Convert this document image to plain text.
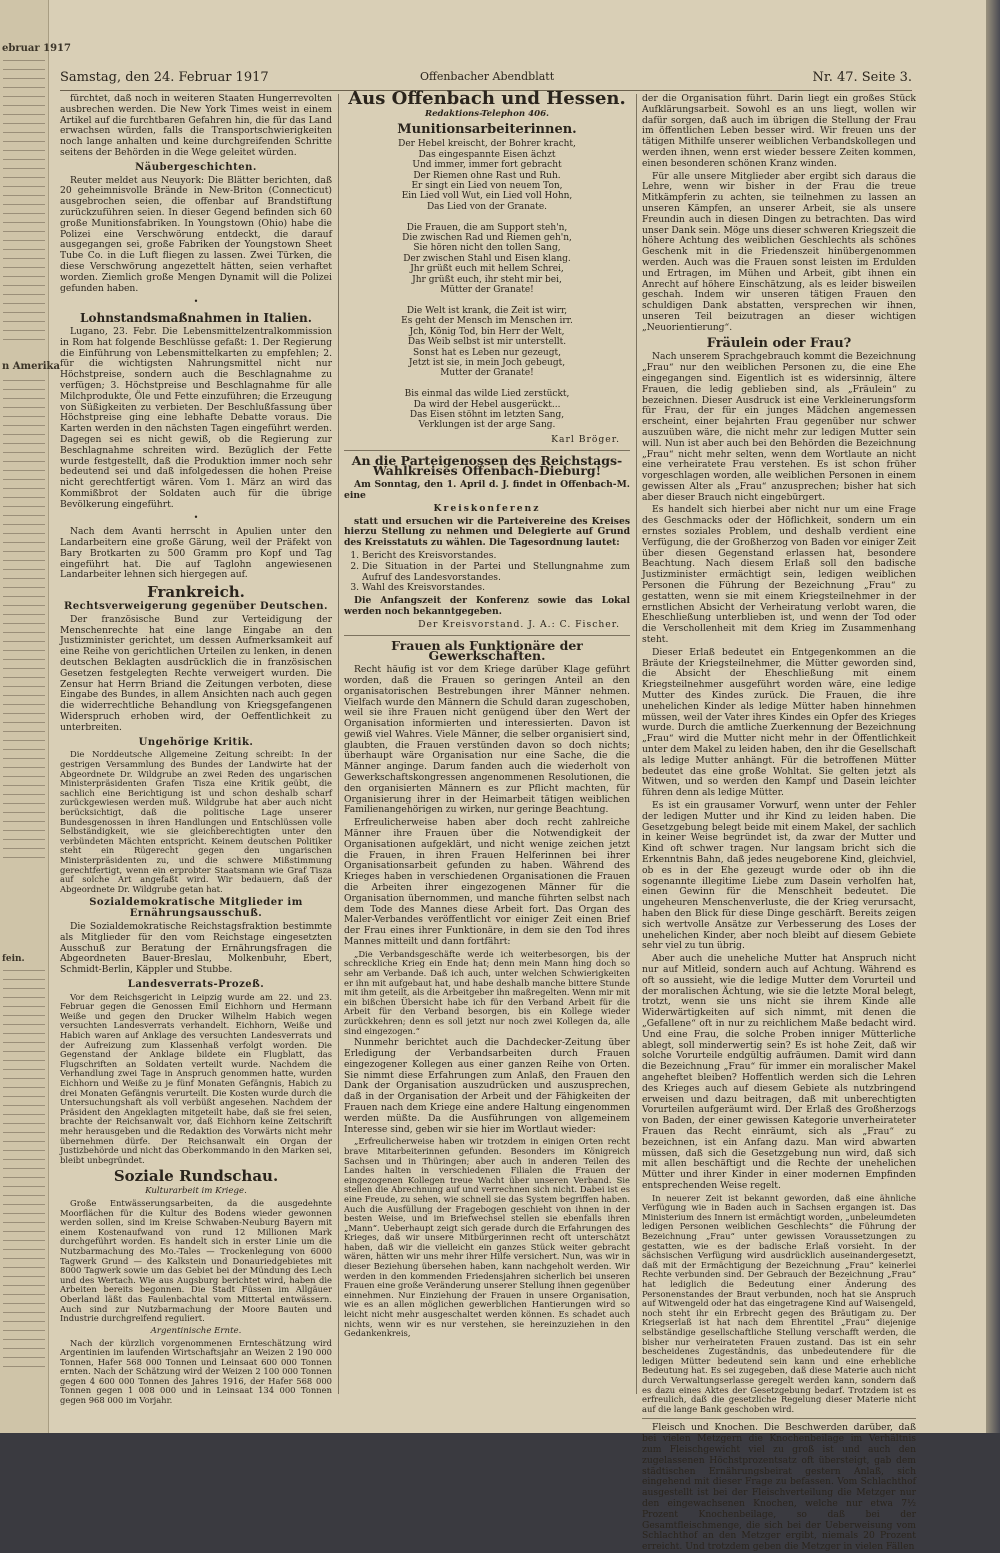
ebruar 1917
n Amerika
fein.
Samstag, den 24. Februar 1917	Offenbacher Abendblatt	Nr. 47. Seite 3.

fürchtet, daß noch in weiteren Staaten Hungerrevolten ausbrechen werden. Die New York Times weist in einem Artikel auf die furchtbaren Gefahren hin, die für das Land erwachsen würden, falls die Transportschwierigkeiten noch lange anhalten und keine durchgreifenden Schritte seitens der Behörden in die Wege geleitet würden.

Näubergeschichten.

Reuter meldet aus Neuyork: Die Blätter berichten, daß 20 geheimnisvolle Brände in New-Briton (Connecticut) ausgebrochen seien, die offenbar auf Brandstiftung zurückzuführen seien. In dieser Gegend befinden sich 60 große Munitionsfabriken. In Youngstown (Ohio) habe die Polizei eine Verschwörung entdeckt, die darauf ausgegangen sei, große Fabriken der Youngstown Sheet Tube Co. in die Luft fliegen zu lassen. Zwei Türken, die diese Verschwörung angezettelt hätten, seien verhaftet worden. Ziemlich große Mengen Dynamit will die Polizei gefunden haben.

•
Lohnstandsmaßnahmen in Italien.

Lugano, 23. Febr. Die Lebensmittelzentralkommission in Rom hat folgende Beschlüsse gefaßt: 1. Der Regierung die Einführung von Lebensmittelkarten zu empfehlen; 2. für die wichtigsten Nahrungsmittel nicht nur Höchstpreise, sondern auch die Beschlagnahme zu verfügen; 3. Höchstpreise und Beschlagnahme für alle Milchprodukte, Öle und Fette einzuführen; die Erzeugung von Süßigkeiten zu verbieten. Der Beschlußfassung über Höchstpreise ging eine lebhafte Debatte voraus. Die Karten werden in den nächsten Tagen eingeführt werden. Dagegen sei es nicht gewiß, ob die Regierung zur Beschlagnahme schreiten wird. Bezüglich der Fette wurde festgestellt, daß die Produktion immer noch sehr bedeutend sei und daß infolgedessen die hohen Preise nicht gerechtfertigt wären. Vom 1. März an wird das Kommißbrot der Soldaten auch für die übrige Bevölkerung eingeführt.

•

Nach dem Avanti herrscht in Apulien unter den Landarbeitern eine große Gärung, weil der Präfekt von Bary Brotkarten zu 500 Gramm pro Kopf und Tag eingeführt hat. Die auf Taglohn angewiesenen Landarbeiter lehnen sich hiergegen auf.

Frankreich.
Rechtsverweigerung gegenüber Deutschen.

Der französische Bund zur Verteidigung der Menschenrechte hat eine lange Eingabe an den Justizminister gerichtet, um dessen Aufmerksamkeit auf eine Reihe von gerichtlichen Urteilen zu lenken, in denen deutschen Beklagten ausdrücklich die in französischen Gesetzen festgelegten Rechte verweigert wurden. Die Zensur hat Herrn Briand die Zeitungen verboten, diese Eingabe des Bundes, in allem Ansichten nach auch gegen die widerrechtliche Behandlung von Kriegsgefangenen Widerspruch erhoben wird, der Oeffentlichkeit zu unterbreiten.

Ungehörige Kritik.

Die Norddeutsche Allgemeine Zeitung schreibt: In der gestrigen Versammlung des Bundes der Landwirte hat der Abgeordnete Dr. Wildgrube an zwei Reden des ungarischen Ministerpräsidenten Grafen Tisza eine Kritik geübt, die sachlich eine Berichtigung ist und schon deshalb scharf zurückgewiesen werden muß. Wildgrube hat aber auch nicht berücksichtigt, daß die politische Lage unserer Bundesgenossen in ihren Handlungen und Entschlüssen volle Selbständigkeit, wie sie gleichberechtigten unter den verbündeten Mächten entspricht. Keinem deutschen Politiker steht ein Rügerecht gegen den ungarischen Ministerpräsidenten zu, und die schwere Mißstimmung gerechtfertigt, wenn ein erprobter Staatsmann wie Graf Tisza auf solche Art angefaßt wird. Wir bedauern, daß der Abgeordnete Dr. Wildgrube getan hat.

Sozialdemokratische Mitglieder im Ernährungsausschuß.

Die Sozialdemokratische Reichstagsfraktion bestimmte als Mitglieder für den vom Reichstage eingesetzten Ausschuß zur Beratung der Ernährungsfragen die Abgeordneten Bauer-Breslau, Molkenbuhr, Ebert, Schmidt-Berlin, Käppler und Stubbe.

Landesverrats-Prozeß.

Vor dem Reichsgericht in Leipzig wurde am 22. und 23. Februar gegen die Genossen Emil Eichhorn und Hermann Weiße und gegen den Drucker Wilhelm Habich wegen versuchten Landesverrats verhandelt. Eichhorn, Weiße und Habich waren auf Anklage des versuchten Landesverrats und der Aufreizung zum Klassenhaß verfolgt worden. Die Gegenstand der Anklage bildete ein Flugblatt, das Flugschriften an Soldaten verteilt wurde. Nachdem die Verhandlung zwei Tage in Anspruch genommen hatte, wurden Eichhorn und Weiße zu je fünf Monaten Gefängnis, Habich zu drei Monaten Gefängnis verurteilt. Die Kosten wurde durch die Untersuchungshaft als voll verbüßt angesehen. Nachdem der Präsident den Angeklagten mitgeteilt habe, daß sie frei seien, brachte der Reichsanwalt vor, daß Eichhorn keine Zeitschrift mehr herausgeben und die Redaktion des Vorwärts nicht mehr übernehmen dürfe. Der Reichsanwalt ein Organ der Justizbehörde und nicht das Oberkommando in den Marken sei, bleibt unbegründet.

Soziale Rundschau.
Kulturarbeit im Kriege.

Große Entwässerungsarbeiten, da die ausgedehnte Moorflächen für die Kultur des Bodens wieder gewonnen werden sollen, sind im Kreise Schwaben-Neuburg Bayern mit einem Kostenaufwand von rund 12 Millionen Mark durchgeführt worden. Es handelt sich in erster Linie um die Nutzbarmachung des Mo.-Tales — Trockenlegung von 6000 Tagwerk Grund — des Kalkstein und Donauriedgebietes mit 8000 Tagwerk sowie um das Gebiet bei der Mündung des Lech und des Wertach. Wie aus Augsburg berichtet wird, haben die Arbeiten bereits begonnen. Die Stadt Füssen im Allgäuer Oberland läßt das Faulenbachtal vom Mittertal entwässern. Auch sind zur Nutzbarmachung der Moore Bauten und Industrie durchgreifend reguliert.

Argentinische Ernte.

Nach der kürzlich vorgenommenen Ernteschätzung wird Argentinien im laufenden Wirtschaftsjahr an Weizen 2 190 000 Tonnen, Hafer 568 000 Tonnen und Leinsaat 600 000 Tonnen ernten. Nach der Schätzung wird der Weizen 2 100 000 Tonnen gegen 4 600 000 Tonnen des Jahres 1916, der Hafer 568 000 Tonnen gegen 1 008 000 und in Leinsaat 134 000 Tonnen gegen 968 000 im Vorjahr.

Aus Offenbach und Hessen.
Redaktions-Telephon 406.
Munitionsarbeiterinnen.
Der Hebel kreischt, der Bohrer kracht,
Das eingespannte Eisen ächzt
Und immer, immer fort gebracht
Der Riemen ohne Rast und Ruh.
Er singt ein Lied von neuem Ton,
Ein Lied voll Wut, ein Lied voll Hohn,
Das Lied von der Granate.

Die Frauen, die am Support steh'n,
Die zwischen Rad und Riemen geh'n,
Sie hören nicht den tollen Sang,
Der zwischen Stahl und Eisen klang.
Jhr grüßt euch mit hellem Schrei,
Jhr grüßt euch, ihr steht mir bei,
Mütter der Granate!

Die Welt ist krank, die Zeit ist wirr,
Es geht der Mensch im Menschen irr.
Jch, König Tod, bin Herr der Welt,
Das Weib selbst ist mir unterstellt.
Sonst hat es Leben nur gezeugt,
Jetzt ist sie, in mein Joch gebeugt,
Mutter der Granate!

Bis einmal das wilde Lied zerstückt,
Da wird der Hebel ausgerückt...
Das Eisen stöhnt im letzten Sang,
Verklungen ist der arge Sang.
Karl Bröger.
An die Parteigenossen des Reichstags-Wahlkreises Offenbach-Dieburg!

Am Sonntag, den 1. April d. J. findet in Offenbach-M. eine

Kreiskonferenz

statt und ersuchen wir die Parteivereine des Kreises hierzu Stellung zu nehmen und Delegierte auf Grund des Kreisstatuts zu wählen. Die Tagesordnung lautet:

1. Bericht des Kreisvorstandes.
2. Die Situation in der Partei und Stellungnahme zum Aufruf des Landesvorstandes.
3. Wahl des Kreisvorstandes.

Die Anfangszeit der Konferenz sowie das Lokal werden noch bekanntgegeben.

Der Kreisvorstand. J. A.: C. Fischer.
Frauen als Funktionäre der Gewerkschaften.

Recht häufig ist vor dem Kriege darüber Klage geführt worden, daß die Frauen so geringen Anteil an den organisatorischen Bestrebungen ihrer Männer nehmen. Vielfach wurde den Männern die Schuld daran zugeschoben, weil sie ihre Frauen nicht genügend über den Wert der Organisation informierten und interessierten. Davon ist gewiß viel Wahres. Viele Männer, die selber organisiert sind, glaubten, die Frauen verstünden davon so doch nichts; überhaupt wäre Organisation nur eine Sache, die die Männer anginge. Darum fanden auch die wiederholt von Gewerkschaftskongressen angenommenen Resolutionen, die den organisierten Männern es zur Pflicht machten, für Organisierung ihrer in der Heimarbeit tätigen weiblichen Familienangehörigen zu wirken, nur geringe Beachtung.

Erfreulicherweise haben aber doch recht zahlreiche Männer ihre Frauen über die Notwendigkeit der Organisationen aufgeklärt, und nicht wenige zeichen jetzt die Frauen, in ihren Frauen Helferinnen bei ihrer Organisationsarbeit gefunden zu haben. Während des Krieges haben in verschiedenen Organisationen die Frauen die Arbeiten ihrer eingezogenen Männer für die Organisation übernommen, und manche führten selbst nach dem Tode des Mannes diese Arbeit fort. Das Organ des Maler-Verbandes veröffentlicht vor einiger Zeit einen Brief der Frau eines ihrer Funktionäre, in dem sie den Tod ihres Mannes mitteilt und dann fortfährt:

„Die Verbandsgeschäfte werde ich weiterbesorgen, bis der schreckliche Krieg ein Ende hat; denn mein Mann hing doch so sehr am Verbande. Daß ich auch, unter welchen Schwierigkeiten er ihn mit aufgebaut hat, und habe deshalb manche bittere Stunde mit ihm geteilt, als die Arbeitgeber ihn maßregelten. Wenn mir mit ein bißchen Übersicht habe ich für den Verband Arbeit für die Arbeit für den Verband besorgen, bis ein Kollege wieder zurückkehren; denn es soll jetzt nur noch zwei Kollegen da, alle sind eingezogen.“

Nunmehr berichtet auch die Dachdecker-Zeitung über Erledigung der Verbandsarbeiten durch Frauen eingezogener Kollegen aus einer ganzen Reihe von Orten. Sie nimmt diese Erfahrungen zum Anlaß, den Frauen den Dank der Organisation auszudrücken und auszusprechen, daß in der Organisation der Arbeit und der Fähigkeiten der Frauen nach dem Kriege eine andere Haltung eingenommen werden müßte. Da die Ausführungen von allgemeinem Interesse sind, geben wir sie hier im Wortlaut wieder:

„Erfreulicherweise haben wir trotzdem in einigen Orten recht brave Mitarbeiterinnen gefunden. Besonders im Königreich Sachsen und in Thüringen; aber auch in anderen Teilen des Landes halten in verschiedenen Filialen die Frauen der eingezogenen Kollegen treue Wacht über unseren Verband. Sie stellen die Abrechnung auf und verrechnen sich nicht. Dabei ist es eine Freude, zu sehen, wie schnell sie das System begriffen haben. Auch die Ausfüllung der Fragebogen geschieht von ihnen in der besten Weise, und im Briefwechsel stellen sie ebenfalls ihren „Mann“. Ueberhaupt zeigt sich gerade durch die Erfahrungen des Krieges, daß wir unsere Mitbürgerinnen recht oft unterschätzt haben, daß wir die vielleicht ein ganzes Stück weiter gebracht wären, hätten wir uns mehr ihrer Hilfe versichert. Nun, was wir in dieser Beziehung übersehen haben, kann nachgeholt werden. Wir werden in den kommenden Friedensjahren sicherlich bei unseren Frauen eine große Veränderung unserer Stellung ihnen gegenüber einnehmen. Nur Einziehung der Frauen in unsere Organisation, wie es an allen möglichen gewerblichen Hantierungen wird so leicht nicht mehr ausgeschaltet werden können. Es schadet auch nichts, wenn wir es nur verstehen, sie hereinzuziehen in den Gedankenkreis,

der die Organisation führt. Darin liegt ein großes Stück Aufklärungsarbeit. Sowohl es an uns liegt, wollen wir dafür sorgen, daß auch im übrigen die Stellung der Frau im öffentlichen Leben besser wird. Wir freuen uns der tätigen Mithilfe unserer weiblichen Verbandskollegen und werden ihnen, wenn erst wieder bessere Zeiten kommen, einen besonderen schönen Kranz winden.

Für alle unsere Mitglieder aber ergibt sich daraus die Lehre, wenn wir bisher in der Frau die treue Mitkämpferin zu achten, sie teilnehmen zu lassen an unseren Kämpfen, an unserer Arbeit, sie als unsere Freundin auch in diesen Dingen zu betrachten. Das wird unser Dank sein. Möge uns dieser schweren Kriegszeit die höhere Achtung des weiblichen Geschlechts als schönes Geschenk mit in die Friedenszeit hinübergenommen werden. Auch was die Frauen sonst leisten im Erdulden und Ertragen, im Mühen und Arbeit, gibt ihnen ein Anrecht auf höhere Einschätzung, als es leider bisweilen geschah. Indem wir unseren tätigen Frauen den schuldigen Dank abstatten, versprechen wir ihnen, unseren Teil beizutragen an dieser wichtigen „Neuorientierung“.

Fräulein oder Frau?

Nach unserem Sprachgebrauch kommt die Bezeichnung „Frau“ nur den weiblichen Personen zu, die eine Ehe eingegangen sind. Eigentlich ist es widersinnig, ältere Frauen, die ledig geblieben sind, als „Fräulein“ zu bezeichnen. Dieser Ausdruck ist eine Verkleinerungsform für Frau, der für ein junges Mädchen angemessen erscheint, einer bejahrten Frau gegenüber nur schwer auszuüben wäre, die nicht mehr zur ledigen Mutter sein will. Nun ist aber auch bei den Behörden die Bezeichnung „Frau“ nicht mehr selten, wenn dem Wortlaute an nicht eine verheiratete Frau verstehen. Es ist schon früher vorgeschlagen worden, alle weiblichen Personen in einem gewissen Alter als „Frau“ anzusprechen; bisher hat sich aber dieser Brauch nicht eingebürgert.

Es handelt sich hierbei aber nicht nur um eine Frage des Geschmacks oder der Höflichkeit, sondern um ein ernstes soziales Problem, und deshalb verdient eine Verfügung, die der Großherzog von Baden vor einiger Zeit über diesen Gegenstand erlassen hat, besondere Beachtung. Nach diesem Erlaß soll den badische Justizminister ermächtigt sein, ledigen weiblichen Personen die Führung der Bezeichnung „Frau“ zu gestatten, wenn sie mit einem Kriegsteilnehmer in der ernstlichen Absicht der Verheiratung verlobt waren, die Eheschließung unterblieben ist, und wenn der Tod oder die Verschollenheit mit dem Krieg im Zusammenhang steht.

Dieser Erlaß bedeutet ein Entgegenkommen an die Bräute der Kriegsteilnehmer, die Mütter geworden sind, die Absicht der Eheschließung mit einem Kriegsteilnehmer ausgeführt worden wäre, eine ledige Mutter des Kindes zurück. Die Frauen, die ihre unehelichen Kinder als ledige Mütter haben hinnehmen müssen, weil der Vater ihres Kindes ein Opfer des Krieges wurde. Durch die amtliche Zuerkennung der Bezeichnung „Frau“ wird die Mutter nicht mehr in der Öffentlichkeit unter dem Makel zu leiden haben, den ihr die Gesellschaft als ledige Mutter anhängt. Für die betroffenen Mütter bedeutet das eine große Wohltat. Sie gelten jetzt als Witwen, und so werden den Kampf und Dasein leichter führen denn als ledige Mütter.

Es ist ein grausamer Vorwurf, wenn unter der Fehler der ledigen Mutter und ihr Kind zu leiden haben. Die Gesetzgebung belegt beide mit einem Makel, der sachlich in keiner Weise begründet ist, da zwar der Mutter und Kind oft schwer tragen. Nur langsam bricht sich die Erkenntnis Bahn, daß jedes neugeborene Kind, gleichviel, ob es in der Ehe gezeugt wurde oder ob ihn die sogenannte illegitime Liebe zum Dasein verholfen hat, einen Gewinn für die Menschheit bedeutet. Die ungeheuren Menschenverluste, die der Krieg verursacht, haben den Blick für diese Dinge geschärft. Bereits zeigen sich wertvolle Ansätze zur Verbesserung des Loses der unehelichen Kinder, aber noch bleibt auf diesem Gebiete sehr viel zu tun übrig.

Aber auch die uneheliche Mutter hat Anspruch nicht nur auf Mitleid, sondern auch auf Achtung. Während es oft so aussieht, wie die ledige Mutter dem Vorurteil und der moralischen Ächtung, wie sie die letzte Moral belegt, trotzt, wenn sie uns nicht sie ihrem Kinde alle Widerwärtigkeiten auf sich nimmt, mit denen die „Gefallene“ oft in nur zu reichlichem Maße bedacht wird. Und eine Frau, die solche Proben inniger Mütterliche ablegt, soll minderwertig sein? Es ist hohe Zeit, daß wir solche Vorurteile endgültig aufräumen. Damit wird dann die Bezeichnung „Frau“ für immer ein moralischer Makel angeheftet bleiben? Hoffentlich werden sich die Lehren des Krieges auch auf diesem Gebiete als nutzbringend erweisen und dazu beitragen, daß mit unberechtigten Vorurteilen aufgeräumt wird. Der Erlaß des Großherzogs von Baden, der einer gewissen Kategorie unverheirateter Frauen das Recht einräumt, sich als „Frau“ zu bezeichnen, ist ein Anfang dazu. Man wird abwarten müssen, daß sich die Gesetzgebung nun wird, daß sich mit allen beschäftigt und die Rechte der unehelichen Mütter und ihrer Kinder in einer modernen Empfinden entsprechenden Weise regelt.

In neuerer Zeit ist bekannt geworden, daß eine ähnliche Verfügung wie in Baden auch in Sachsen ergangen ist. Das Ministerium des Innern ist ermächtigt worden, „unbeleumdeten ledigen Personen weiblichen Geschlechts“ die Führung der Bezeichnung „Frau“ unter gewissen Voraussetzungen zu gestatten, wie es der badische Erlaß vorsieht. In der sächsischen Verfügung wird ausdrücklich auseinandergesetzt, daß mit der Ermächtigung der Bezeichnung „Frau“ keinerlei Rechte verbunden sind. Der Gebrauch der Bezeichnung „Frau“ hat lediglich die Bedeutung einer Änderung des Personenstandes der Braut verbunden, noch hat sie Anspruch auf Witwengeld oder hat das eingetragene Kind auf Waisengeld, noch steht ihr ein Erbrecht gegen des Bräutigam zu. Der Kriegserlaß ist hat nach dem Ehrentitel „Frau“ diejenige selbständige gesellschaftliche Stellung verschafft werden, die bisher nur verheirateten Frauen zustand. Das ist ein sehr bescheidenes Zugeständnis, das unbedeutendere für die ledigen Mütter bedeutend sein kann und eine erhebliche Bedeutung hat. Es sei zugegeben, daß diese Materie auch nicht durch Verwaltungserlasse geregelt werden kann, sondern daß es dazu eines Aktes der Gesetzgebung bedarf. Trotzdem ist es erfreulich, daß die gesetzliche Regelung dieser Materie nicht auf die lange Bank geschoben wird.

Fleisch und Knochen. Die Beschwerden darüber, daß bei vielen Metzgern die Knochenbeilage im Verhältnis zum Fleischgewicht viel zu groß ist und auch den zugelassenen Höchstprozentsatz oft übersteigt, gab dem städtischen Ernährungsbeirat gestern Anlaß, sich eingehend mit dieser Frage zu befassen. Vom Schlachthof ausgestellt ist bei der Fleischverteilung die Metzger nur den eingewachsenen Knochen, welche nur etwa 7½ Prozent Knochenbeilage, so daß bei der Gesamtfleischmenge, die sich bei der Ueberweisung vom Schlachthof an den Metzger ergibt, niemals 20 Prozent erreicht. Und trotzdem geben die Metzger in vielen Fällen
